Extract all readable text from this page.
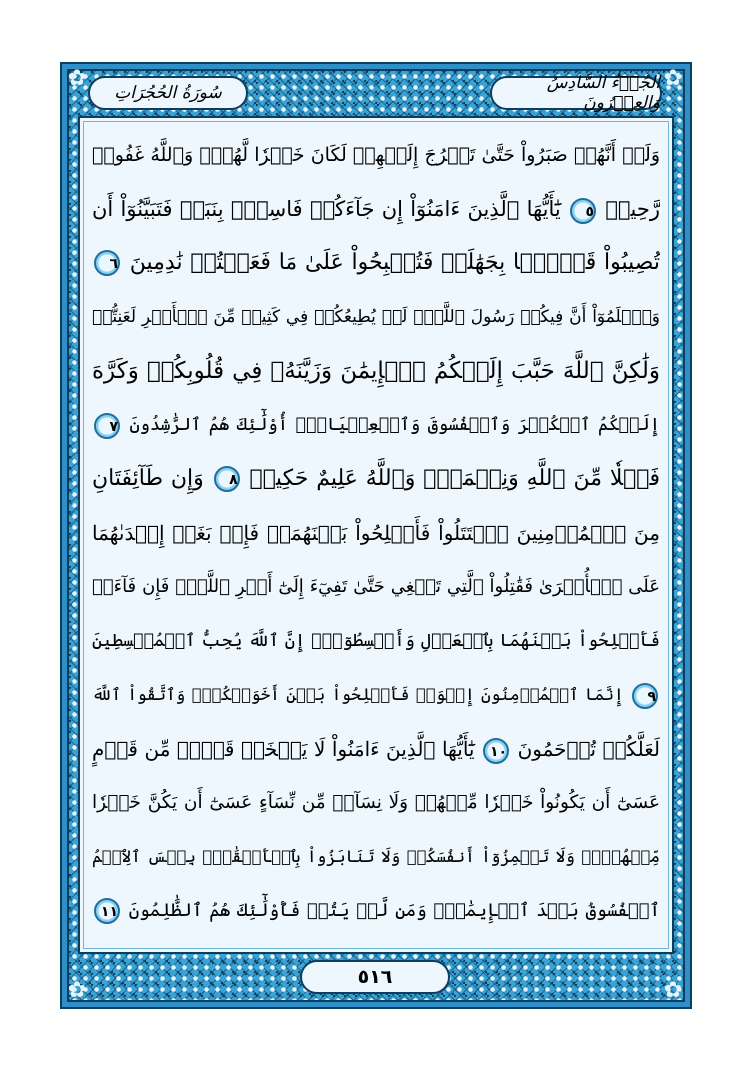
✿	✿
✿	✿
سُورَةُ الحُجُرَاتِ	الجُزۡءُ السَّادِسُ وَالعِشۡرُونَ
وَلَوۡ أَنَّهُمۡ صَبَرُواْ حَتَّىٰ تَخۡرُجَ إِلَيۡهِمۡ لَكَانَ خَيۡرٗا لَّهُمۡۚ وَٱللَّهُ غَفُورٞ
رَّحِيمٞ ٥ يَٰٓأَيُّهَا ٱلَّذِينَ ءَامَنُوٓاْ إِن جَآءَكُمۡ فَاسِقُۢ بِنَبَإٖ فَتَبَيَّنُوٓاْ أَن
تُصِيبُواْ قَوۡمَۢا بِجَهَٰلَةٖ فَتُصۡبِحُواْ عَلَىٰ مَا فَعَلۡتُمۡ نَٰدِمِينَ ٦
وَٱعۡلَمُوٓاْ أَنَّ فِيكُمۡ رَسُولَ ٱللَّهِۚ لَوۡ يُطِيعُكُمۡ فِي كَثِيرٖ مِّنَ ٱلۡأَمۡرِ لَعَنِتُّمۡ
وَلَٰكِنَّ ٱللَّهَ حَبَّبَ إِلَيۡكُمُ ٱلۡإِيمَٰنَ وَزَيَّنَهُۥ فِي قُلُوبِكُمۡ وَكَرَّهَ
إِلَيۡكُمُ ٱلۡكُفۡرَ وَٱلۡفُسُوقَ وَٱلۡعِصۡيَانَۚ أُوْلَٰٓئِكَ هُمُ ٱلرَّٰشِدُونَ ٧
فَضۡلٗا مِّنَ ٱللَّهِ وَنِعۡمَةٗۚ وَٱللَّهُ عَلِيمٌ حَكِيمٞ ٨ وَإِن طَآئِفَتَانِ
مِنَ ٱلۡمُؤۡمِنِينَ ٱقۡتَتَلُواْ فَأَصۡلِحُواْ بَيۡنَهُمَاۖ فَإِنۢ بَغَتۡ إِحۡدَىٰهُمَا
عَلَى ٱلۡأُخۡرَىٰ فَقَٰتِلُواْ ٱلَّتِي تَبۡغِي حَتَّىٰ تَفِيٓءَ إِلَىٰٓ أَمۡرِ ٱللَّهِۚ فَإِن فَآءَتۡ
فَأَصۡلِحُواْ بَيۡنَهُمَا بِٱلۡعَدۡلِ وَأَقۡسِطُوٓاْۖ إِنَّ ٱللَّهَ يُحِبُّ ٱلۡمُقۡسِطِينَ
٩ إِنَّمَا ٱلۡمُؤۡمِنُونَ إِخۡوَةٞ فَأَصۡلِحُواْ بَيۡنَ أَخَوَيۡكُمۡۚ وَٱتَّقُواْ ٱللَّهَ
لَعَلَّكُمۡ تُرۡحَمُونَ ١٠ يَٰٓأَيُّهَا ٱلَّذِينَ ءَامَنُواْ لَا يَسۡخَرۡ قَوۡمٞ مِّن قَوۡمٍ
عَسَىٰٓ أَن يَكُونُواْ خَيۡرٗا مِّنۡهُمۡ وَلَا نِسَآءٞ مِّن نِّسَآءٍ عَسَىٰٓ أَن يَكُنَّ خَيۡرٗا
مِّنۡهُنَّۖ وَلَا تَلۡمِزُوٓاْ أَنفُسَكُمۡ وَلَا تَنَابَزُواْ بِٱلۡأَلۡقَٰبِۖ بِئۡسَ ٱلِٱسۡمُ
ٱلۡفُسُوقُ بَعۡدَ ٱلۡإِيمَٰنِۚ وَمَن لَّمۡ يَتُبۡ فَأُوْلَٰٓئِكَ هُمُ ٱلظَّٰلِمُونَ ١١
٥١٦
